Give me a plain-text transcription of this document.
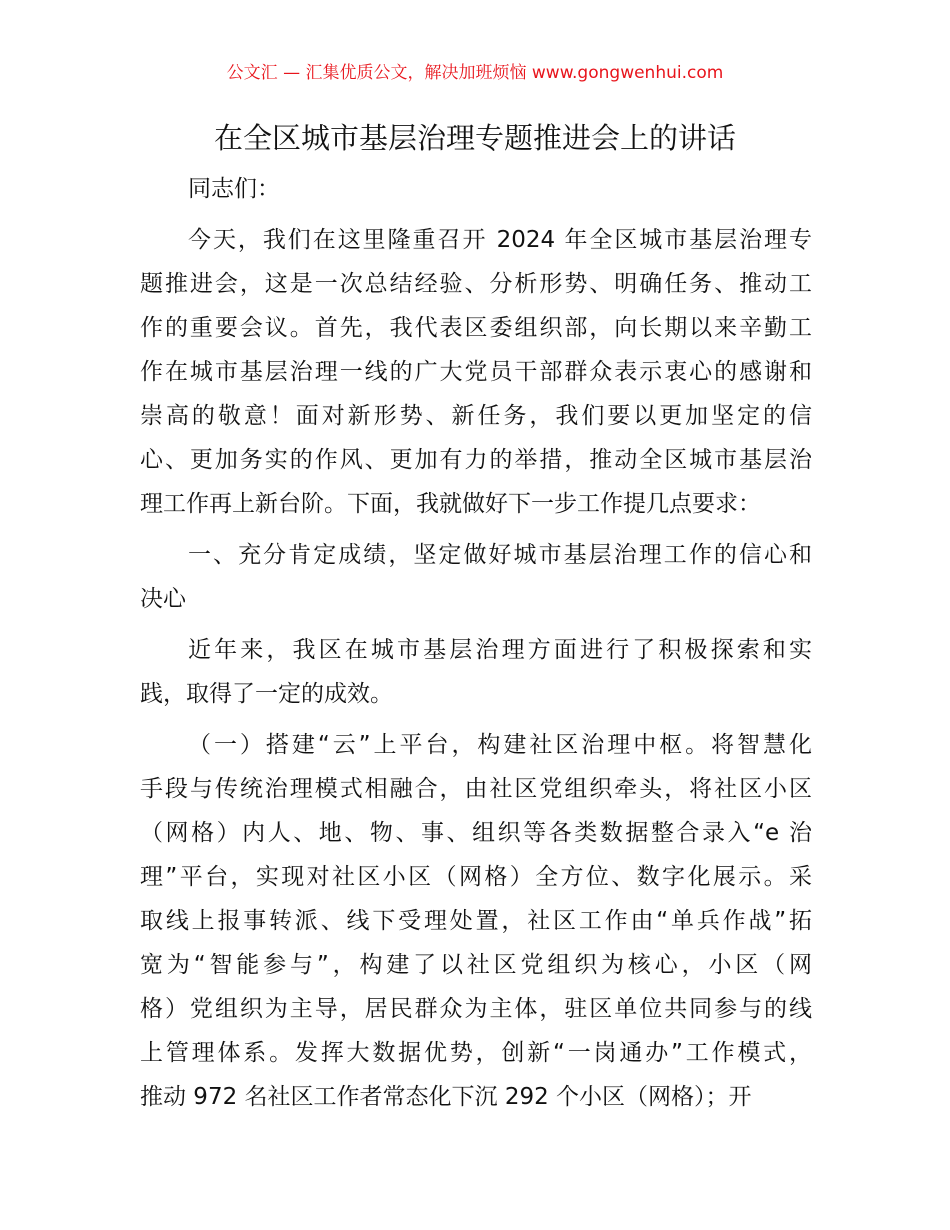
公文汇 — 汇集优质公文，解决加班烦恼 www.gongwenhui.com
在全区城市基层治理专题推进会上的讲话
同志们：
今天，我们在这里隆重召开 2024 年全区城市基层治理专
题推进会，这是一次总结经验、分析形势、明确任务、推动工
作的重要会议。首先，我代表区委组织部，向长期以来辛勤工
作在城市基层治理一线的广大党员干部群众表示衷心的感谢和
崇高的敬意！面对新形势、新任务，我们要以更加坚定的信
心、更加务实的作风、更加有力的举措，推动全区城市基层治
理工作再上新台阶。下面，我就做好下一步工作提几点要求：
一、充分肯定成绩，坚定做好城市基层治理工作的信心和
决心
近年来，我区在城市基层治理方面进行了积极探索和实
践，取得了一定的成效。
（一）搭建“云”上平台，构建社区治理中枢。将智慧化
手段与传统治理模式相融合，由社区党组织牵头，将社区小区
（网格）内人、地、物、事、组织等各类数据整合录入“e 治
理”平台，实现对社区小区（网格）全方位、数字化展示。采
取线上报事转派、线下受理处置，社区工作由“单兵作战”拓
宽为“智能参与”，构建了以社区党组织为核心，小区（网
格）党组织为主导，居民群众为主体，驻区单位共同参与的线
上管理体系。发挥大数据优势，创新“一岗通办”工作模式，
推动 972 名社区工作者常态化下沉 292 个小区（网格）；开
